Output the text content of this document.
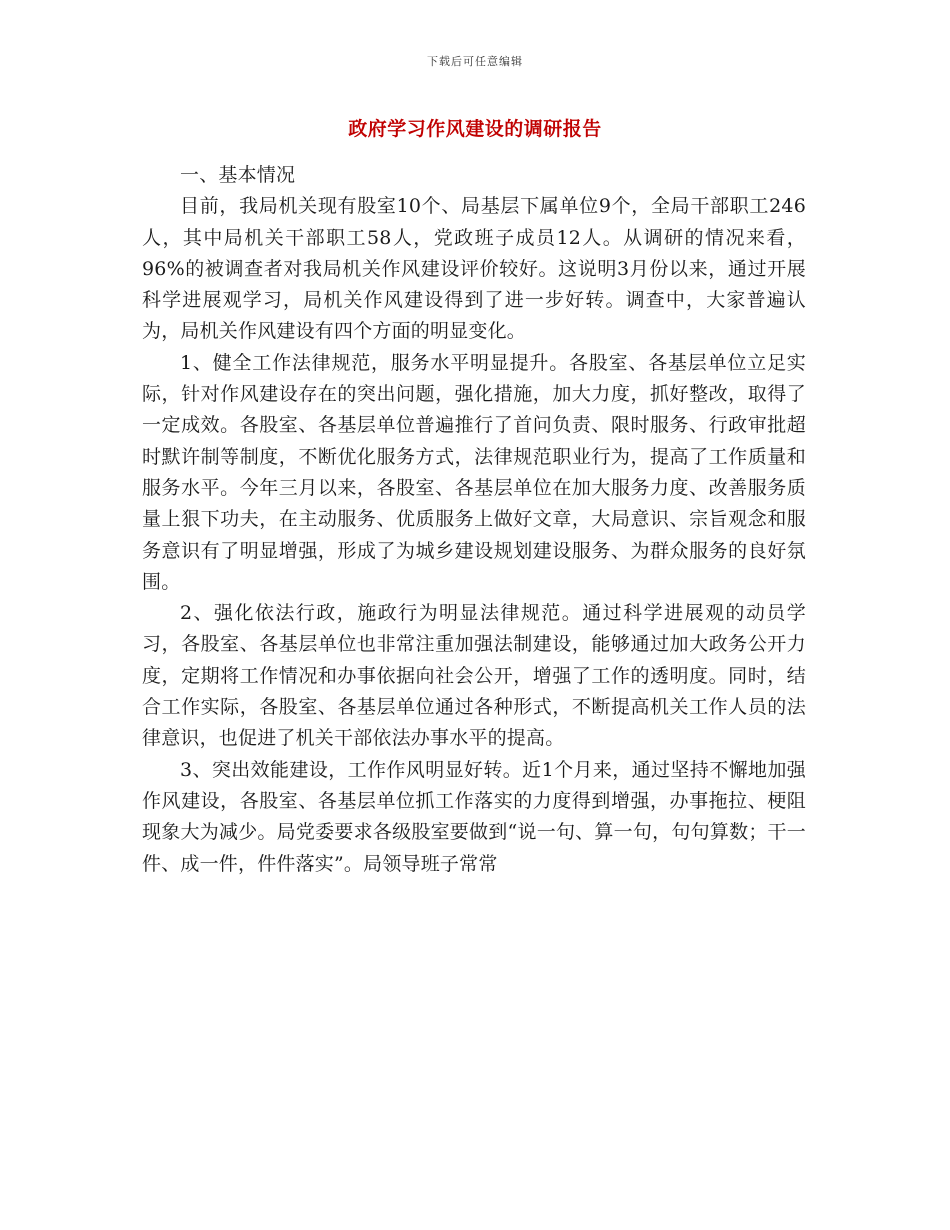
下载后可任意编辑
政府学习作风建设的调研报告

一、基本情况

目前，我局机关现有股室10个、局基层下属单位9个，全局干部职工246人，其中局机关干部职工58人，党政班子成员12人。从调研的情况来看，96%的被调查者对我局机关作风建设评价较好。这说明3月份以来，通过开展科学进展观学习，局机关作风建设得到了进一步好转。调查中，大家普遍认为，局机关作风建设有四个方面的明显变化。

1、健全工作法律规范，服务水平明显提升。各股室、各基层单位立足实际，针对作风建设存在的突出问题，强化措施，加大力度，抓好整改，取得了一定成效。各股室、各基层单位普遍推行了首问负责、限时服务、行政审批超时默许制等制度，不断优化服务方式，法律规范职业行为，提高了工作质量和服务水平。今年三月以来，各股室、各基层单位在加大服务力度、改善服务质量上狠下功夫，在主动服务、优质服务上做好文章，大局意识、宗旨观念和服务意识有了明显增强，形成了为城乡建设规划建设服务、为群众服务的良好氛围。

2、强化依法行政，施政行为明显法律规范。通过科学进展观的动员学习，各股室、各基层单位也非常注重加强法制建设，能够通过加大政务公开力度，定期将工作情况和办事依据向社会公开，增强了工作的透明度。同时，结合工作实际，各股室、各基层单位通过各种形式，不断提高机关工作人员的法律意识，也促进了机关干部依法办事水平的提高。

3、突出效能建设，工作作风明显好转。近1个月来，通过坚持不懈地加强作风建设，各股室、各基层单位抓工作落实的力度得到增强，办事拖拉、梗阻现象大为减少。局党委要求各级股室要做到“说一句、算一句，句句算数；干一件、成一件，件件落实”。局领导班子常常
